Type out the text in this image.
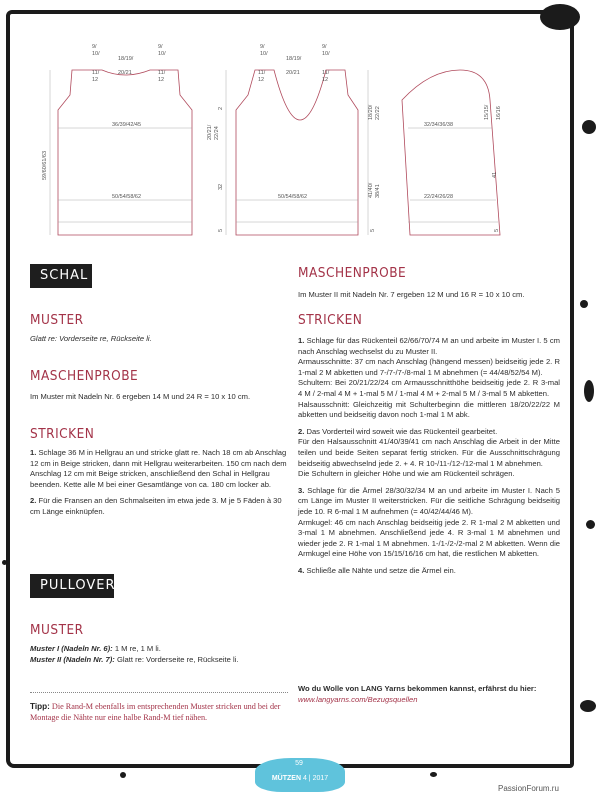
36/39/42/45
50/54/58/62
59/60/61/63
9/
10/
18/19/
20/21
9/
10/
11/
12
11/
12
50/54/58/62
9/
10/
18/19/
20/21
9/
10/
11/
12
11/
12
20/21/ 22/24
2
32
5
18/20/ 22/22
41/40/ 38/41
5
32/34/36/38
22/24/26/28
15/15/ 16/16
41
5
SCHAL
MUSTER

Glatt re: Vorderseite re, Rückseite li.

MASCHENPROBE

Im Muster mit Nadeln Nr. 6 ergeben 14 M und 24 R = 10 x 10 cm.

STRICKEN

1. Schlage 36 M in Hellgrau an und stricke glatt re. Nach 18 cm ab Anschlag 12 cm in Beige stricken, dann mit Hellgrau weiterarbeiten. 150 cm nach dem Anschlag 12 cm mit Beige stricken, anschließend den Schal in Hellgrau beenden. Kette alle M bei einer Gesamtlänge von ca. 180 cm locker ab.

2. Für die Fransen an den Schmalseiten im etwa jede 3. M je 5 Fäden à 30 cm Länge einknüpfen.

PULLOVER
MUSTER

Muster I (Nadeln Nr. 6): 1 M re, 1 M li.

Muster II (Nadeln Nr. 7): Glatt re: Vorderseite re, Rückseite li.

Tipp: Die Rand-M ebenfalls im entsprechenden Muster stricken und bei der Montage die Nähte nur eine halbe Rand-M tief nähen.

MASCHENPROBE

Im Muster II mit Nadeln Nr. 7 ergeben 12 M und 16 R = 10 x 10 cm.

STRICKEN

1. Schlage für das Rückenteil 62/66/70/74 M an und arbeite im Muster I. 5 cm nach Anschlag wechselst du zu Muster II.

Armausschnitte: 37 cm nach Anschlag (hängend messen) beidseitig jede 2. R 1-mal 2 M abketten und 7-/7-/7-/8-mal 1 M abnehmen (= 44/48/52/54 M).

Schultern: Bei 20/21/22/24 cm Armausschnitthöhe beidseitig jede 2. R 3-mal 4 M / 2-mal 4 M + 1-mal 5 M / 1-mal 4 M + 2-mal 5 M / 3-mal 5 M abketten.

Halsausschnitt: Gleichzeitig mit Schulterbeginn die mittleren 18/20/22/22 M abketten und beidseitig davon noch 1-mal 1 M abk.

2. Das Vorderteil wird soweit wie das Rückenteil gearbeitet.

Für den Halsausschnitt 41/40/39/41 cm nach Anschlag die Arbeit in der Mitte teilen und beide Seiten separat fertig stricken. Für die Ausschnittschrägung beidseitig abwechselnd jede 2. + 4. R 10-/11-/12-/12-mal 1 M abnehmen.

Die Schultern in gleicher Höhe und wie am Rückenteil schrägen.

3. Schlage für die Ärmel 28/30/32/34 M an und arbeite im Muster I. Nach 5 cm Länge im Muster II weiterstricken. Für die seitliche Schrägung beidseitig jede 10. R 6-mal 1 M aufnehmen (= 40/42/44/46 M).

Armkugel: 46 cm nach Anschlag beidseitig jede 2. R 1-mal 2 M abketten und 3-mal 1 M abnehmen. Anschließend jede 4. R 3-mal 1 M abnehmen und wieder jede 2. R 1-mal 1 M abnehmen. 1-/1-/2-/2-mal 2 M abketten. Wenn die Armkugel eine Höhe von 15/15/16/16 cm hat, die restlichen M abketten.

4. Schließe alle Nähte und setze die Ärmel ein.

Wo du Wolle von LANG Yarns bekommen kannst, erfährst du hier:

www.langyarns.com/Bezugsquellen

59
MÜTZEN 4 | 2017
PassionForum.ru
